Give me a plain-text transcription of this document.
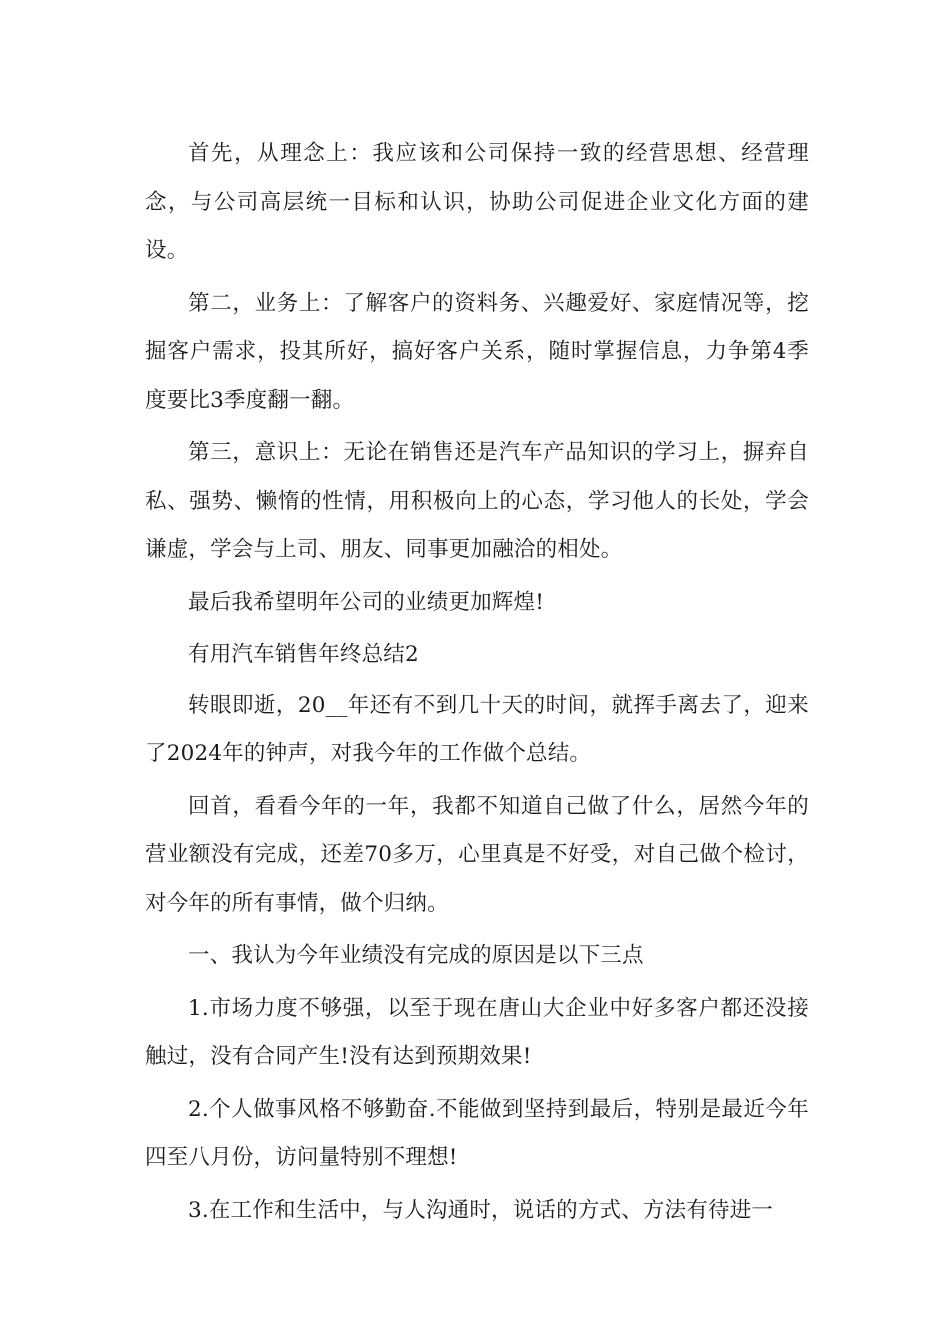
首先，从理念上：我应该和公司保持一致的经营思想、经营理念，与公司高层统一目标和认识，协助公司促进企业文化方面的建设。

第二，业务上：了解客户的资料务、兴趣爱好、家庭情况等，挖掘客户需求，投其所好，搞好客户关系，随时掌握信息，力争第4季度要比3季度翻一翻。

第三，意识上：无论在销售还是汽车产品知识的学习上，摒弃自私、强势、懒惰的性情，用积极向上的心态，学习他人的长处，学会谦虚，学会与上司、朋友、同事更加融洽的相处。

最后我希望明年公司的业绩更加辉煌!

有用汽车销售年终总结2

转眼即逝，20__年还有不到几十天的时间，就挥手离去了，迎来了2024年的钟声，对我今年的工作做个总结。

回首，看看今年的一年，我都不知道自己做了什么，居然今年的营业额没有完成，还差70多万，心里真是不好受，对自己做个检讨，对今年的所有事情，做个归纳。

一、我认为今年业绩没有完成的原因是以下三点

1.市场力度不够强，以至于现在唐山大企业中好多客户都还没接触过，没有合同产生!没有达到预期效果!

2.个人做事风格不够勤奋.不能做到坚持到最后，特别是最近今年四至八月份，访问量特别不理想!

3.在工作和生活中，与人沟通时，说话的方式、方法有待进一
